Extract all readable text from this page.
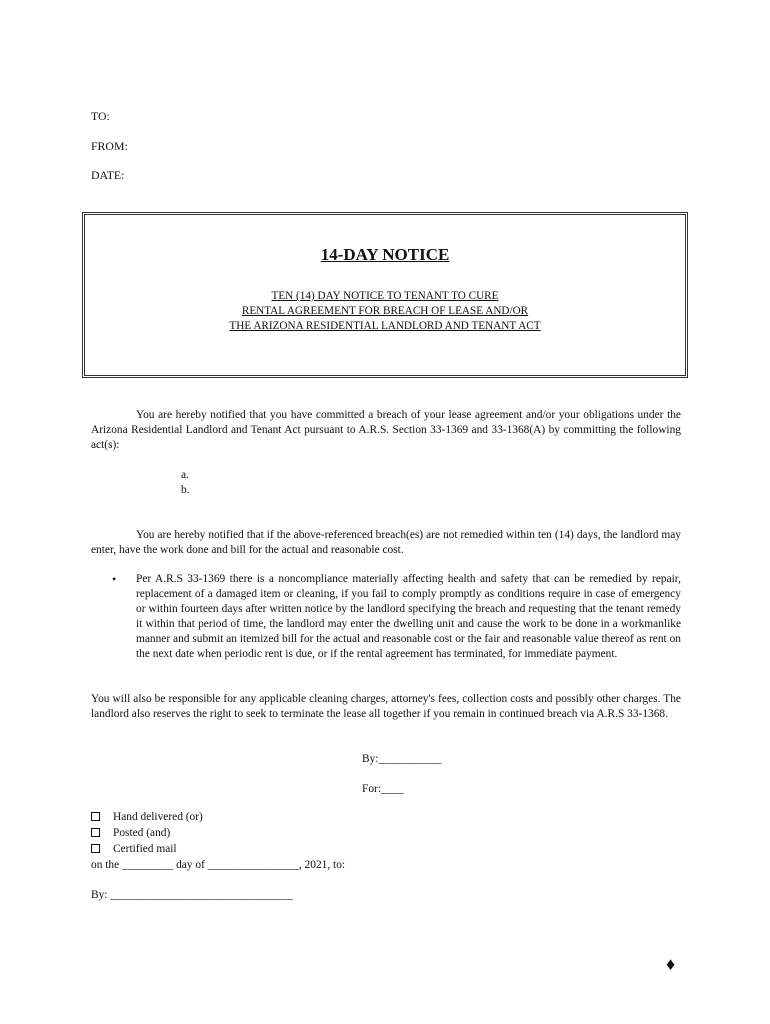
TO:
FROM:
DATE:
14-DAY NOTICE
TEN (14) DAY NOTICE TO TENANT TO CURE
RENTAL AGREEMENT FOR BREACH OF LEASE AND/OR
THE ARIZONA RESIDENTIAL LANDLORD AND TENANT ACT
You are hereby notified that you have committed a breach of your lease agreement and/or your obligations under the Arizona Residential Landlord and Tenant Act pursuant to A.R.S. Section 33-1369 and 33-1368(A) by committing the following act(s):
a.
b.
You are hereby notified that if the above-referenced breach(es) are not remedied within ten (14) days, the landlord may enter, have the work done and bill for the actual and reasonable cost.
• Per A.R.S 33-1369 there is a noncompliance materially affecting health and safety that can be remedied by repair, replacement of a damaged item or cleaning, if you fail to comply promptly as conditions require in case of emergency or within fourteen days after written notice by the landlord specifying the breach and requesting that the tenant remedy it within that period of time, the landlord may enter the dwelling unit and cause the work to be done in a workmanlike manner and submit an itemized bill for the actual and reasonable cost or the fair and reasonable value thereof as rent on the next date when periodic rent is due, or if the rental agreement has terminated, for immediate payment.
You will also be responsible for any applicable cleaning charges, attorney's fees, collection costs and possibly other charges. The landlord also reserves the right to seek to terminate the lease all together if you remain in continued breach via A.R.S 33-1368.
By:___________
For:____
Hand delivered (or)
Posted (and)
Certified mail
on the _________ day of ________________, 2021, to:
By: ________________________________
♦
